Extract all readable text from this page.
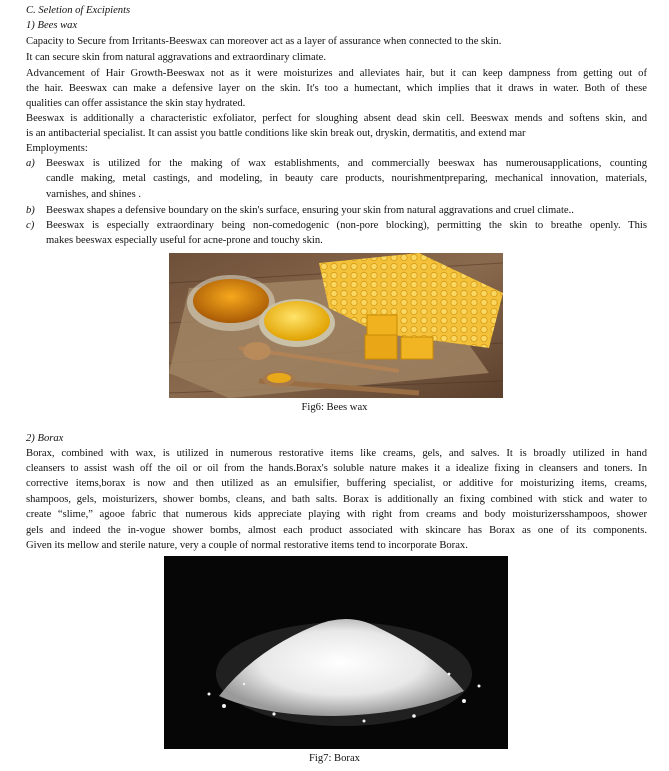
C. Seletion of Excipients
1) Bees wax
Capacity to Secure from Irritants-Beeswax can moreover act as a layer of assurance when connected to the skin.
It can secure skin from natural aggravations and extraordinary climate.
Advancement of Hair Growth-Beeswax not as it were moisturizes and alleviates hair, but it can keep dampness from getting out of
the hair. Beeswax can make a defensive layer on the skin. It's too a humectant, which implies that it draws in water. Both of these
qualities can offer assistance the skin stay hydrated.
Beeswax is additionally a characteristic exfoliator, perfect for sloughing absent dead skin cell. Beeswax mends and softens skin, and
is an antibacterial specialist. It can assist you battle conditions like skin break out, dryskin, dermatitis, and extend mar
Employments:
a) Beeswax is utilized for the making of wax establishments, and commercially beeswax has numerousapplications, counting
candle making, metal castings, and modeling, in beauty care products, nourishmentpreparing, mechanical innovation, materials,
varnishes, and shines .
b) Beeswax shapes a defensive boundary on the skin's surface, ensuring your skin from natural aggravations and cruel climate..
c) Beeswax is especially extraordinary being non-comedogenic (non-pore blocking), permitting the skin to breathe openly. This
makes beeswax especially useful for acne-prone and touchy skin.
Fig6: Bees wax
2) Borax
Borax, combined with wax, is utilized in numerous restorative items like creams, gels, and salves. It is broadly utilized in hand
cleansers to assist wash off the oil or oil from the hands.Borax's soluble nature makes it a idealize fixing in cleansers and toners. In
corrective items,borax is now and then utilized as an emulsifier, buffering specialist, or additive for moisturizing items, creams,
shampoos, gels, moisturizers, shower bombs, cleans, and bath salts. Borax is additionally an fixing combined with stick and water to
create “slime,” agooe fabric that numerous kids appreciate playing with right from creams and body moisturizersshampoos, shower
gels and indeed the in-vogue shower bombs, almost each product associated with skincare has Borax as one of its components.
Given its mellow and sterile nature, very a couple of normal restorative items tend to incorporate Borax.
Fig7: Borax
